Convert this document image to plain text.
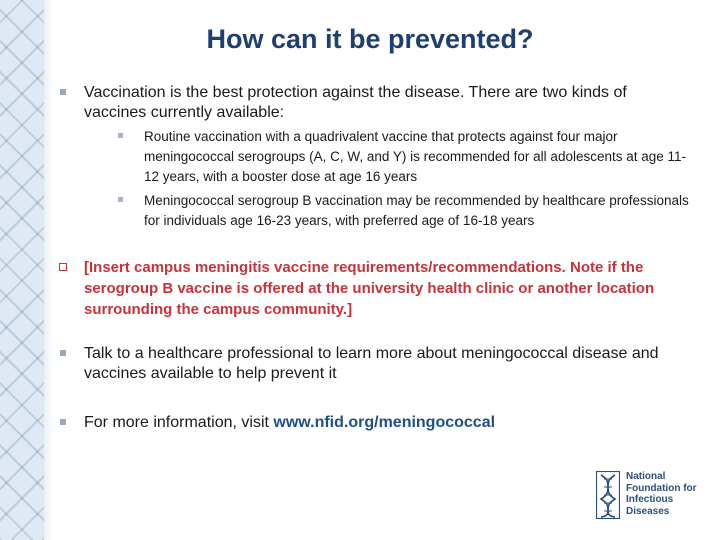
How can it be prevented?
Vaccination is the best protection against the disease. There are two kinds of vaccines currently available:
Routine vaccination with a quadrivalent vaccine that protects against four major meningococcal serogroups (A, C, W, and Y) is recommended for all adolescents at age 11-12 years, with a booster dose at age 16 years
Meningococcal serogroup B vaccination may be recommended by healthcare professionals for individuals age 16-23 years, with preferred age of 16-18 years
[Insert campus meningitis vaccine requirements/recommendations. Note if the serogroup B vaccine is offered at the university health clinic or another location surrounding the campus community.]
Talk to a healthcare professional to learn more about meningococcal disease and vaccines available to help prevent it
For more information, visit www.nfid.org/meningococcal
National
Foundation for
Infectious
Diseases
